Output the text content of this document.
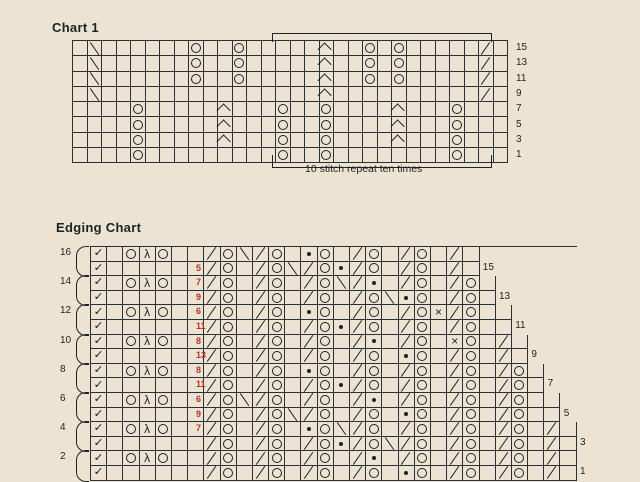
Chart 1
15
13
11
9
7
5
3
1
10 stitch repeat ten times
Edging Chart
✓
λ
✓
✓
λ
✓
✓
λ
×
✓
✓
λ
×
✓
✓
λ
✓
✓
λ
✓
✓
λ
✓
✓
λ
✓
16
14
12
10
8
6
4
2
15
13
11
9
7
5
3
1
5
7
9
6
11
8
13
8
11
6
9
7
